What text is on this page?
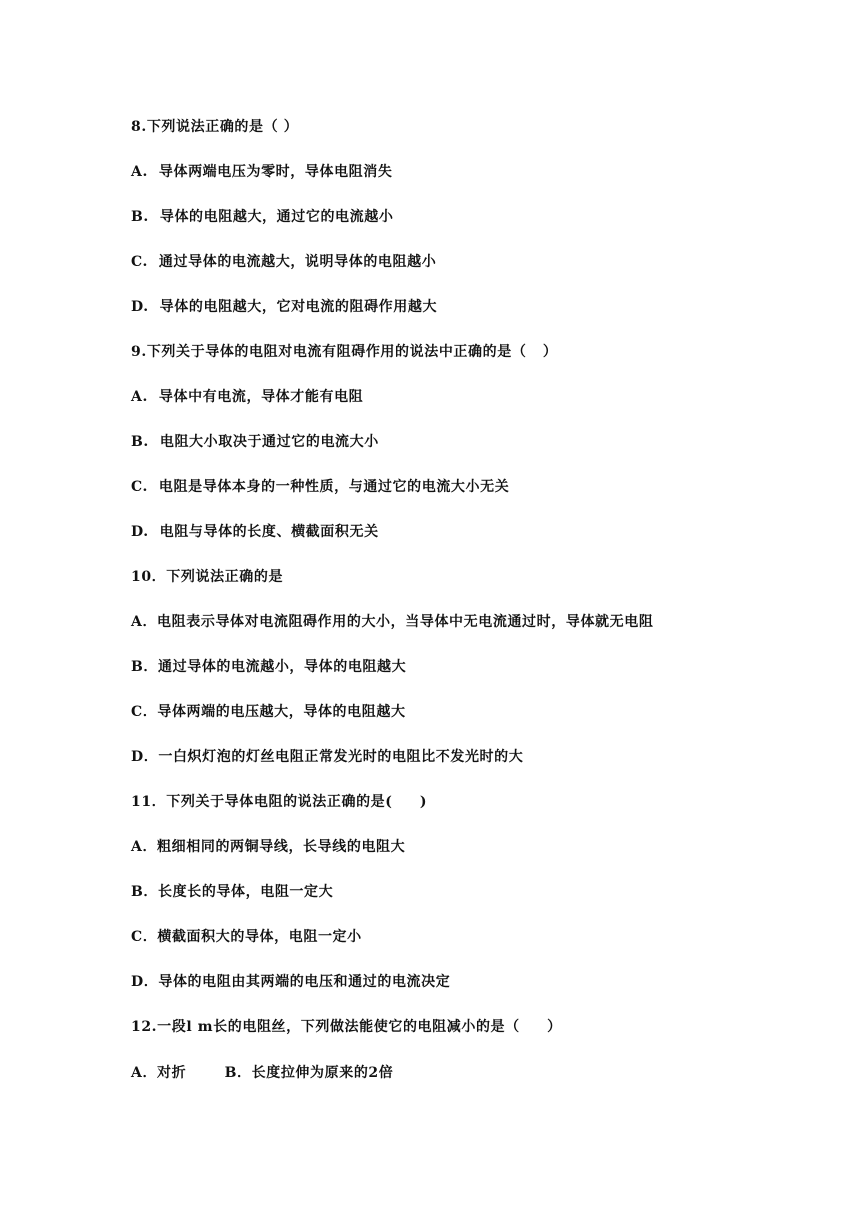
8.下列说法正确的是（ ）
A.  导体两端电压为零时，导体电阻消失
B.  导体的电阻越大，通过它的电流越小
C.  通过导体的电流越大，说明导体的电阻越小
D.  导体的电阻越大，它对电流的阻碍作用越大
9.下列关于导体的电阻对电流有阻碍作用的说法中正确的是（   ）
A.  导体中有电流，导体才能有电阻
B.  电阻大小取决于通过它的电流大小
C.  电阻是导体本身的一种性质，与通过它的电流大小无关
D.  电阻与导体的长度、横截面积无关
10．下列说法正确的是
A．电阻表示导体对电流阻碍作用的大小，当导体中无电流通过时，导体就无电阻
B．通过导体的电流越小，导体的电阻越大
C．导体两端的电压越大，导体的电阻越大
D．一白炽灯泡的灯丝电阻正常发光时的电阻比不发光时的大
11．下列关于导体电阻的说法正确的是(     )
A．粗细相同的两铜导线，长导线的电阻大
B．长度长的导体，电阻一定大
C．横截面积大的导体，电阻一定小
D．导体的电阻由其两端的电压和通过的电流决定
12.一段l m长的电阻丝，下列做法能使它的电阻减小的是（     ）
A．对折       B．长度拉伸为原来的2倍
